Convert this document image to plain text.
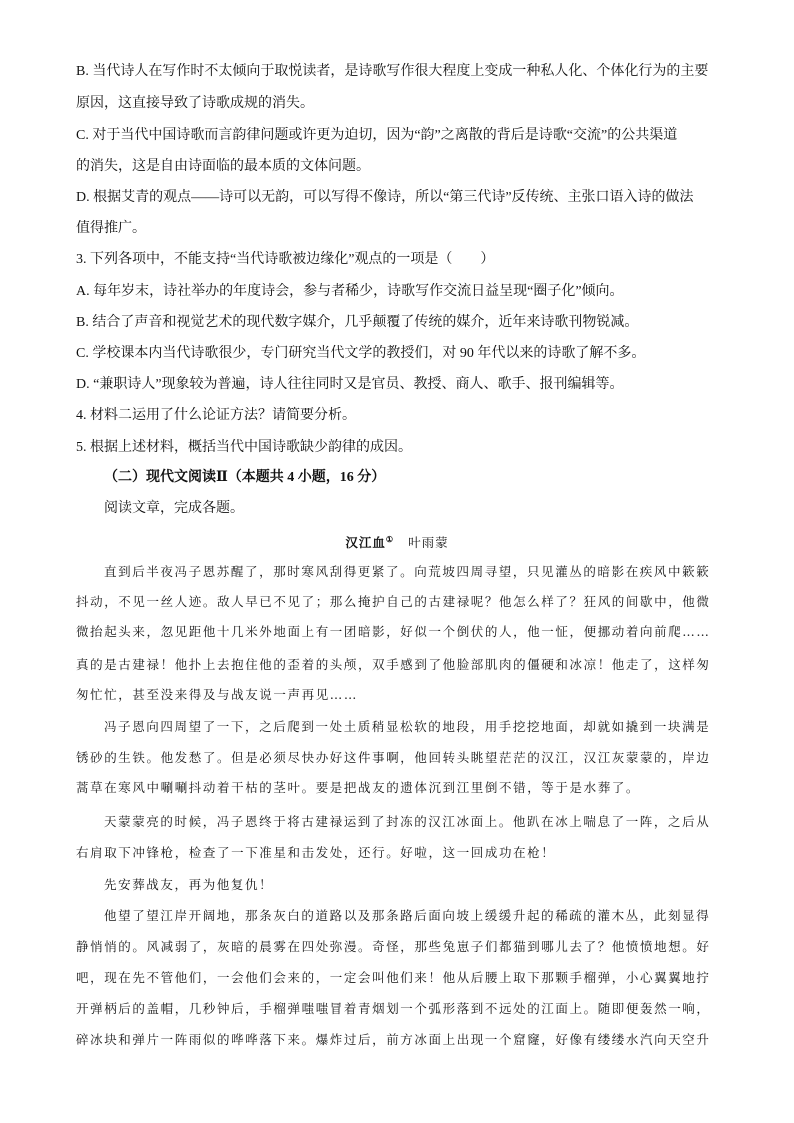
B. 当代诗人在写作时不太倾向于取悦读者，是诗歌写作很大程度上变成一种私人化、个体化行为的主要
原因，这直接导致了诗歌成规的消失。
C. 对于当代中国诗歌而言韵律问题或许更为迫切，因为“韵”之离散的背后是诗歌“交流”的公共渠道
的消失，这是自由诗面临的最本质的文体问题。
D. 根据艾青的观点——诗可以无韵，可以写得不像诗，所以“第三代诗”反传统、主张口语入诗的做法
值得推广。
3. 下列各项中，不能支持“当代诗歌被边缘化”观点的一项是（　　）
A. 每年岁末，诗社举办的年度诗会，参与者稀少，诗歌写作交流日益呈现“圈子化”倾向。
B. 结合了声音和视觉艺术的现代数字媒介，几乎颠覆了传统的媒介，近年来诗歌刊物锐减。
C. 学校课本内当代诗歌很少，专门研究当代文学的教授们，对 90 年代以来的诗歌了解不多。
D. “兼职诗人”现象较为普遍，诗人往往同时又是官员、教授、商人、歌手、报刊编辑等。
4. 材料二运用了什么论证方法？请简要分析。
5. 根据上述材料，概括当代中国诗歌缺少韵律的成因。
（二）现代文阅读Ⅱ（本题共 4 小题，16 分）
阅读文章，完成各题。
汉江血① 叶雨蒙
直到后半夜冯子恩苏醒了，那时寒风刮得更紧了。向荒坡四周寻望，只见灌丛的暗影在疾风中簌簌
抖动，不见一丝人迹。敌人早已不见了；那么掩护自己的古建禄呢？他怎么样了？狂风的间歇中，他微
微抬起头来，忽见距他十几米外地面上有一团暗影，好似一个倒伏的人，他一怔，便挪动着向前爬……
真的是古建禄！他扑上去抱住他的歪着的头颅，双手感到了他脸部肌肉的僵硬和冰凉！他走了，这样匆
匆忙忙，甚至没来得及与战友说一声再见……
冯子恩向四周望了一下，之后爬到一处土质稍显松软的地段，用手挖挖地面，却就如撬到一块满是
锈砂的生铁。他发愁了。但是必须尽快办好这件事啊，他回转头眺望茫茫的汉江，汉江灰蒙蒙的，岸边
蒿草在寒风中唰唰抖动着干枯的茎叶。要是把战友的遗体沉到江里倒不错，等于是水葬了。
天蒙蒙亮的时候，冯子恩终于将古建禄运到了封冻的汉江冰面上。他趴在冰上喘息了一阵，之后从
右肩取下冲锋枪，检查了一下准星和击发处，还行。好啦，这一回成功在枪！
先安葬战友，再为他复仇！
他望了望江岸开阔地，那条灰白的道路以及那条路后面向坡上缓缓升起的稀疏的灌木丛，此刻显得
静悄悄的。风减弱了，灰暗的晨雾在四处弥漫。奇怪，那些兔崽子们都猫到哪儿去了？他愤愤地想。好
吧，现在先不管他们，一会他们会来的，一定会叫他们来！他从后腰上取下那颗手榴弹，小心翼翼地拧
开弹柄后的盖帽，几秒钟后，手榴弹嗤嗤冒着青烟划一个弧形落到不远处的江面上。随即便轰然一响，
碎冰块和弹片一阵雨似的哗哗落下来。爆炸过后，前方冰面上出现一个窟窿，好像有缕缕水汽向天空升
